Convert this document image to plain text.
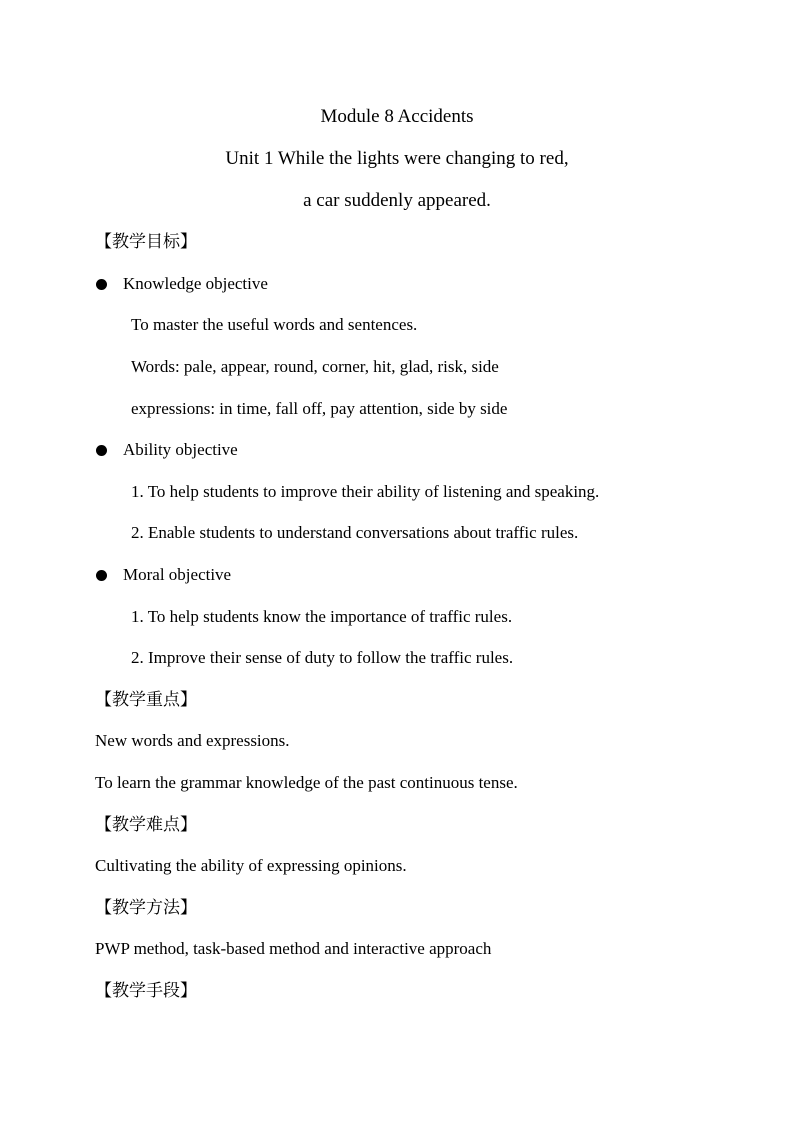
Module 8 Accidents
Unit 1 While the lights were changing to red,
a car suddenly appeared.
【教学目标】
Knowledge objective
To master the useful words and sentences.
Words: pale, appear, round, corner, hit, glad, risk, side
expressions: in time, fall off, pay attention, side by side
Ability objective
1. To help students to improve their ability of listening and speaking.
2. Enable students to understand conversations about traffic rules.
Moral objective
1. To help students know the importance of traffic rules.
2. Improve their sense of duty to follow the traffic rules.
【教学重点】
New words and expressions.
To learn the grammar knowledge of the past continuous tense.
【教学难点】
Cultivating the ability of expressing opinions.
【教学方法】
PWP method, task-based method and interactive approach
【教学手段】
